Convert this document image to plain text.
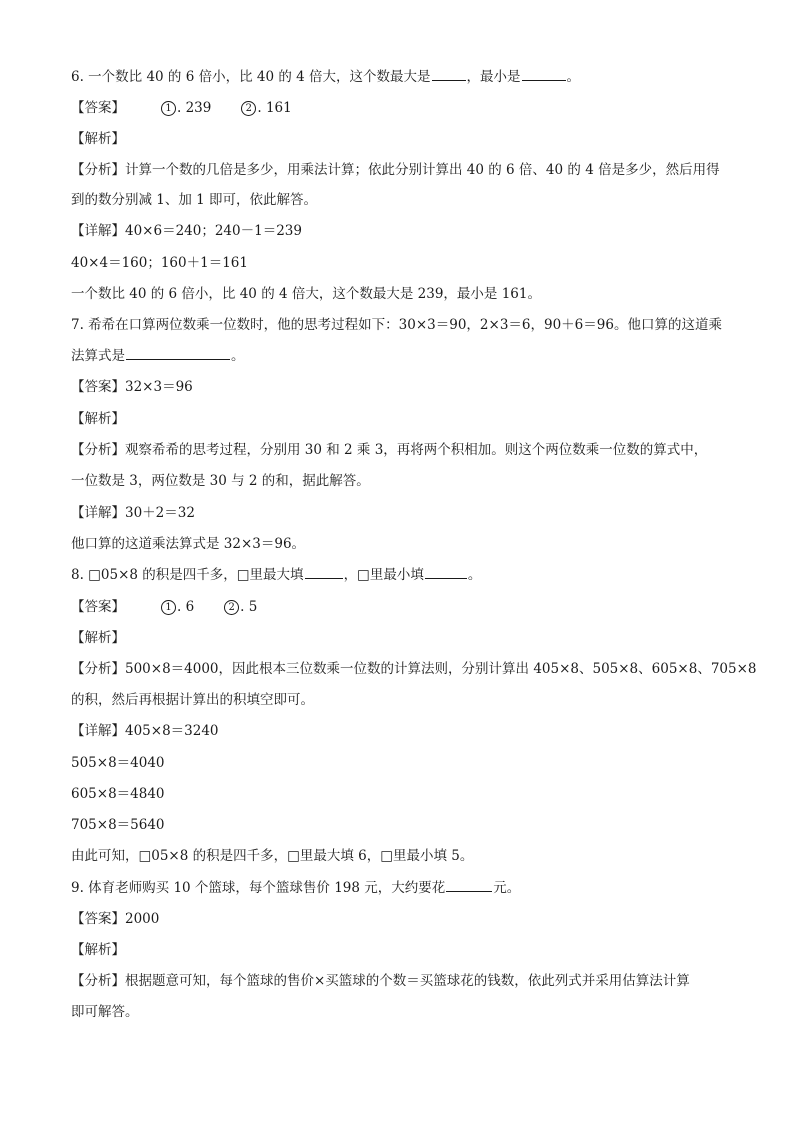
6. 一个数比 40 的 6 倍小，比 40 的 4 倍大，这个数最大是	，最小是	。
【答案】	1 . 239	2 . 161
【解析】
【分析】计算一个数的几倍是多少，用乘法计算；依此分别计算出 40 的 6 倍、40 的 4 倍是多少，然后用得
到的数分别减 1、加 1 即可，依此解答。
【详解】40×6＝240；240－1＝239
40×4＝160；160＋1＝161
一个数比 40 的 6 倍小，比 40 的 4 倍大，这个数最大是 239，最小是 161。
7. 希希在口算两位数乘一位数时，他的思考过程如下：30×3＝90，2×3＝6，90＋6＝96。他口算的这道乘
法算式是	。
【答案】32×3＝96
【解析】
【分析】观察希希的思考过程，分别用 30 和 2 乘 3，再将两个积相加。则这个两位数乘一位数的算式中，
一位数是 3，两位数是 30 与 2 的和，据此解答。
【详解】30＋2＝32
他口算的这道乘法算式是 32×3＝96。
8. □05×8 的积是四千多，□里最大填	，□里最小填	。
【答案】	1 . 6	2 . 5
【解析】
【分析】500×8＝4000，因此根本三位数乘一位数的计算法则，分别计算出 405×8、505×8、605×8、705×8
的积，然后再根据计算出的积填空即可。
【详解】405×8＝3240
505×8＝4040
605×8＝4840
705×8＝5640
由此可知，□05×8 的积是四千多，□里最大填 6，□里最小填 5。
9. 体育老师购买 10 个篮球，每个篮球售价 198 元，大约要花	元。
【答案】2000
【解析】
【分析】根据题意可知，每个篮球的售价×买篮球的个数＝买篮球花的钱数，依此列式并采用估算法计算
即可解答。
